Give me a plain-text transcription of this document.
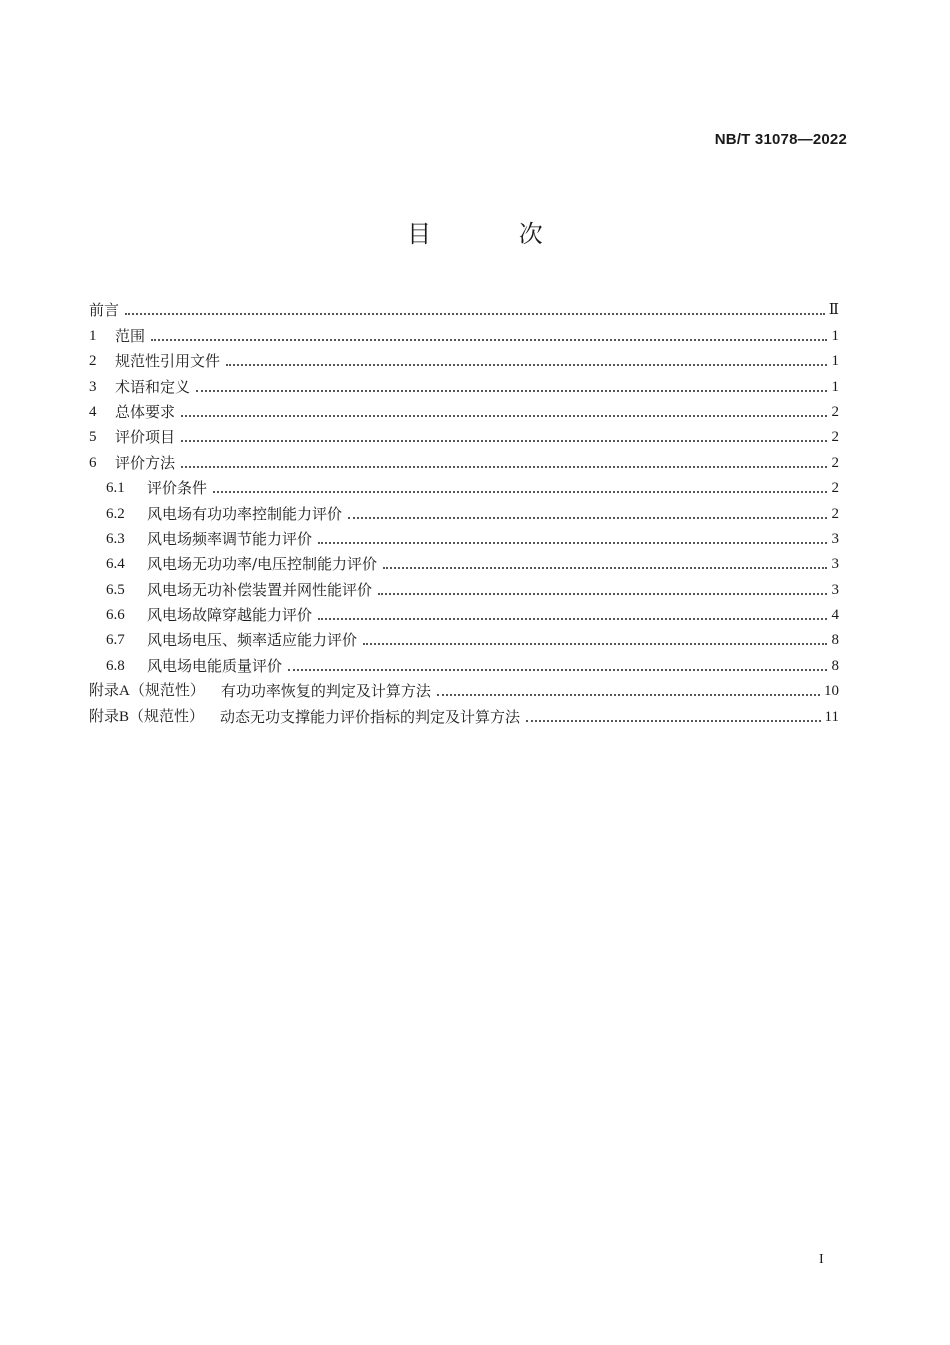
NB/T 31078—2022
目 次
前言	Ⅱ
1	范围	1
2	规范性引用文件	1
3	术语和定义	1
4	总体要求	2
5	评价项目	2
6	评价方法	2
6.1	评价条件	2
6.2	风电场有功功率控制能力评价	2
6.3	风电场频率调节能力评价	3
6.4	风电场无功功率/电压控制能力评价	3
6.5	风电场无功补偿装置并网性能评价	3
6.6	风电场故障穿越能力评价	4
6.7	风电场电压、频率适应能力评价	8
6.8	风电场电能质量评价	8
附录A（规范性） 有功功率恢复的判定及计算方法	10
附录B（规范性） 动态无功支撑能力评价指标的判定及计算方法	11
I
